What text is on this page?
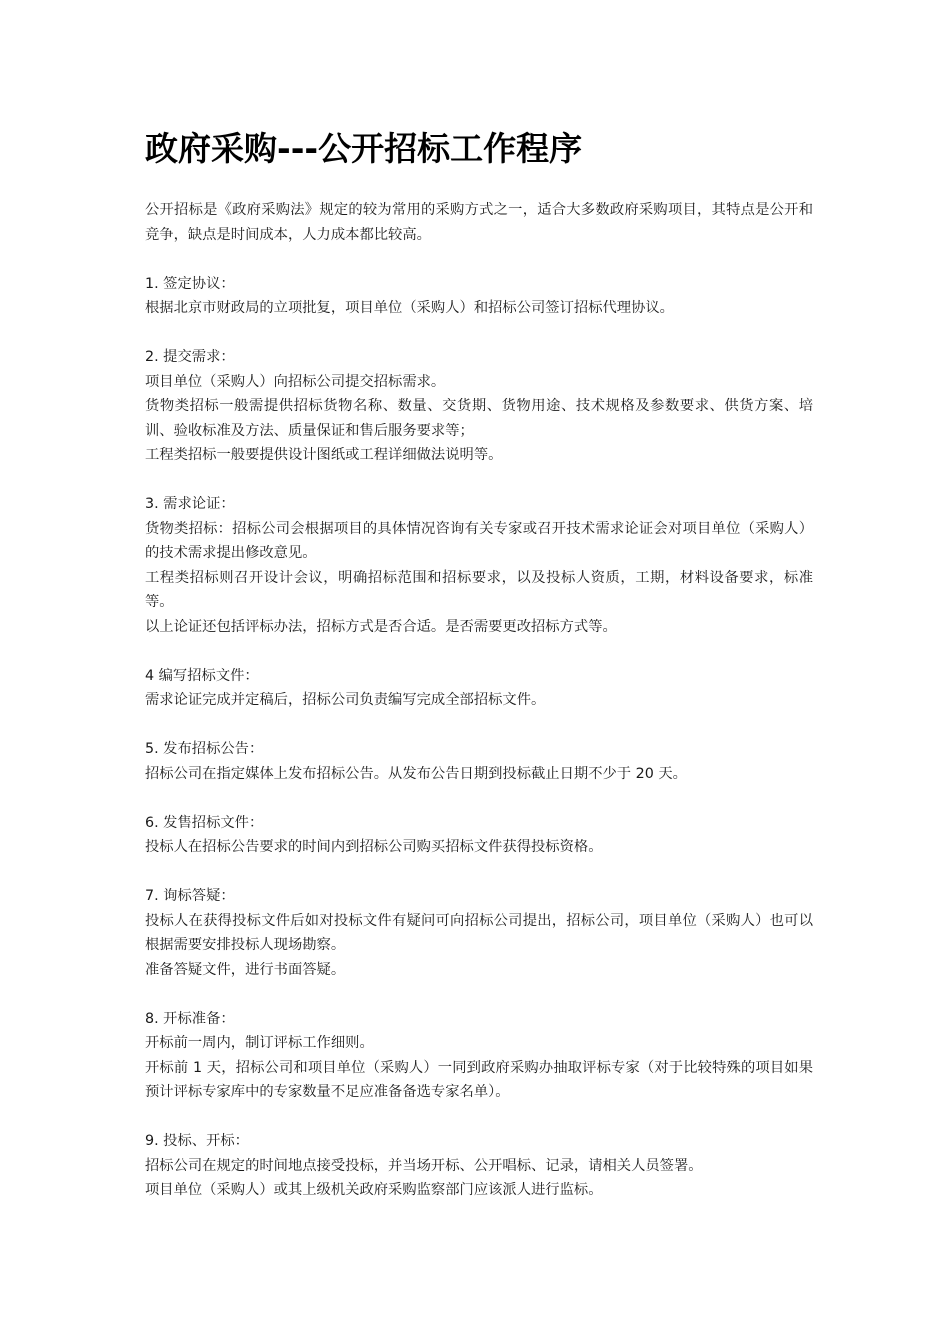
政府采购---公开招标工作程序

公开招标是《政府采购法》规定的较为常用的采购方式之一，适合大多数政府采购项目，其特点是公开和竞争，缺点是时间成本，人力成本都比较高。

1. 签定协议：

根据北京市财政局的立项批复，项目单位（采购人）和招标公司签订招标代理协议。

2. 提交需求：

项目单位（采购人）向招标公司提交招标需求。

货物类招标一般需提供招标货物名称、数量、交货期、货物用途、技术规格及参数要求、供货方案、培训、验收标准及方法、质量保证和售后服务要求等；

工程类招标一般要提供设计图纸或工程详细做法说明等。

3. 需求论证：

货物类招标：招标公司会根据项目的具体情况咨询有关专家或召开技术需求论证会对项目单位（采购人）的技术需求提出修改意见。

工程类招标则召开设计会议，明确招标范围和招标要求，以及投标人资质，工期，材料设备要求，标准等。

以上论证还包括评标办法，招标方式是否合适。是否需要更改招标方式等。

4 编写招标文件：

需求论证完成并定稿后，招标公司负责编写完成全部招标文件。

5. 发布招标公告：

招标公司在指定媒体上发布招标公告。从发布公告日期到投标截止日期不少于 20 天。

6. 发售招标文件：

投标人在招标公告要求的时间内到招标公司购买招标文件获得投标资格。

7. 询标答疑：

投标人在获得投标文件后如对投标文件有疑问可向招标公司提出，招标公司，项目单位（采购人）也可以根据需要安排投标人现场勘察。

准备答疑文件，进行书面答疑。

8. 开标准备：

开标前一周内，制订评标工作细则。

开标前 1 天，招标公司和项目单位（采购人）一同到政府采购办抽取评标专家（对于比较特殊的项目如果预计评标专家库中的专家数量不足应准备备选专家名单）。

9. 投标、开标：

招标公司在规定的时间地点接受投标，并当场开标、公开唱标、记录，请相关人员签署。

项目单位（采购人）或其上级机关政府采购监察部门应该派人进行监标。
